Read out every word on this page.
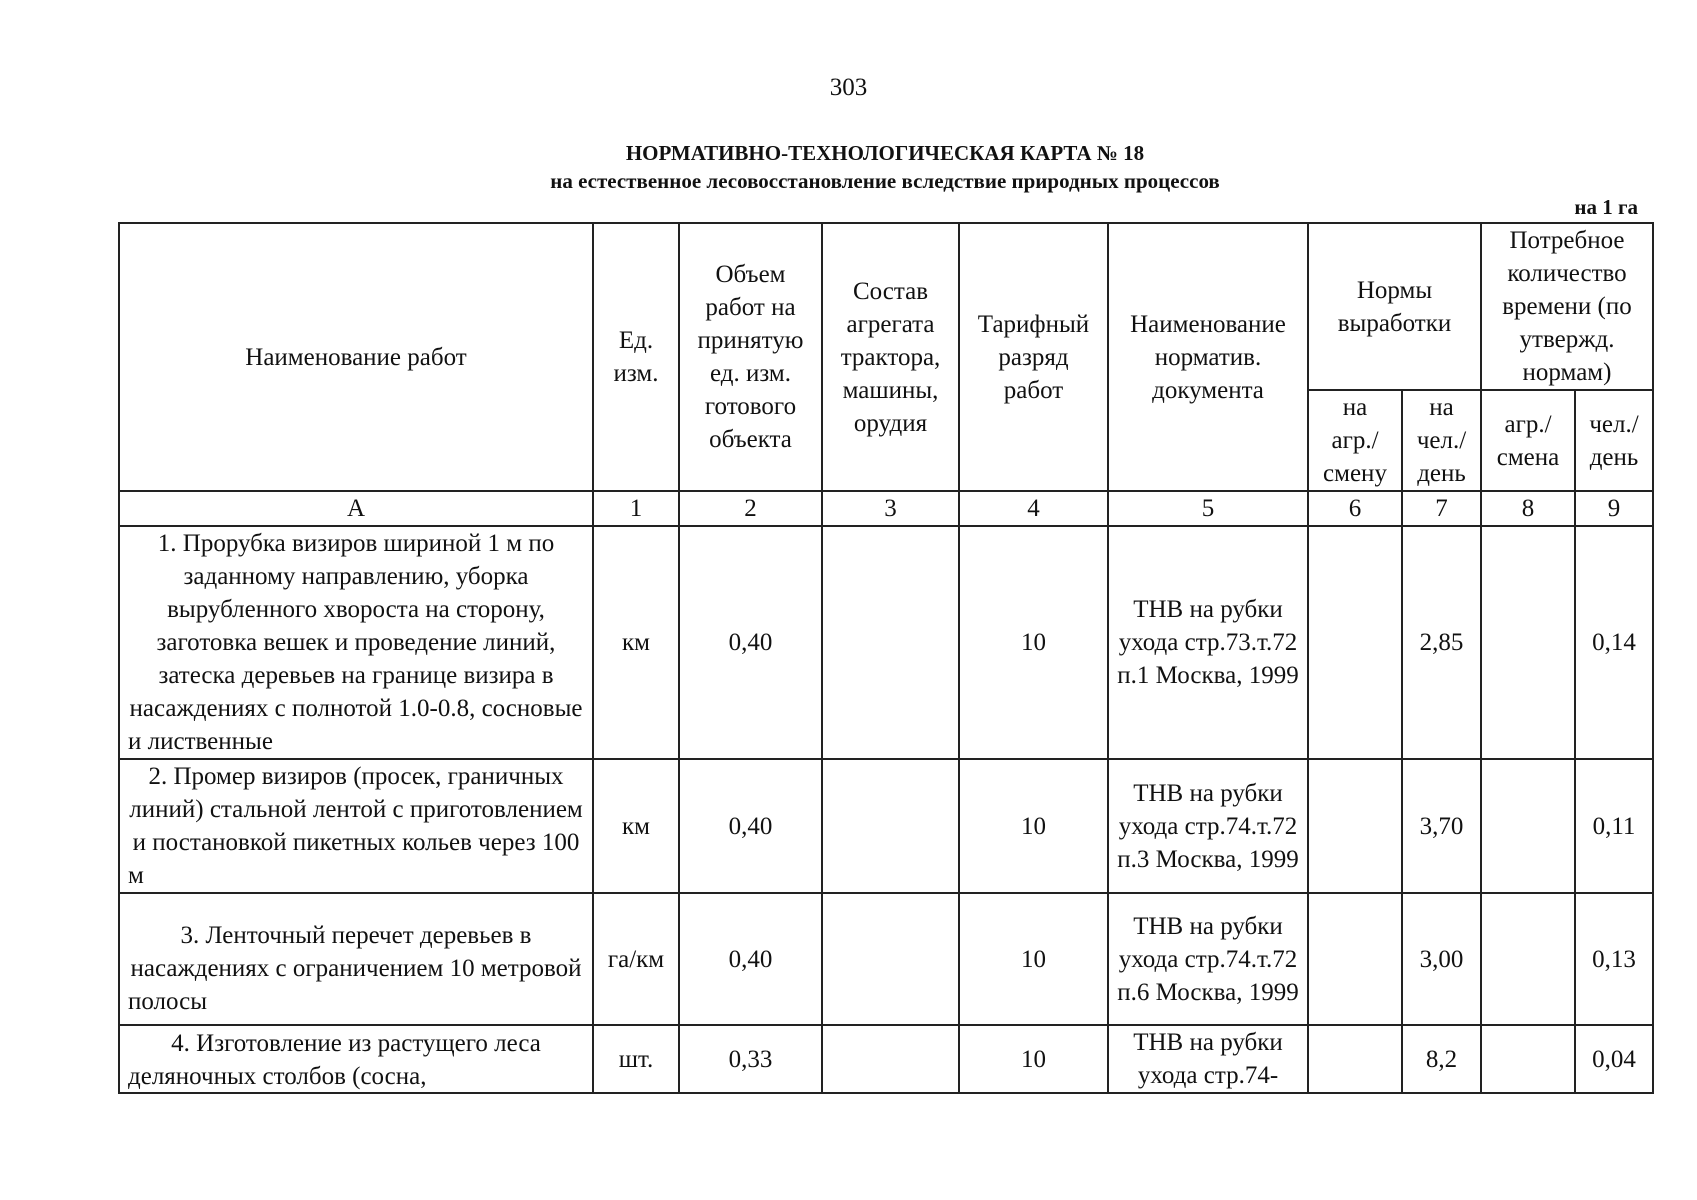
303
НОРМАТИВНО-ТЕХНОЛОГИЧЕСКАЯ КАРТА № 18
на естественное лесовосстановление вследствие природных процессов
на 1 га
Наименование работ	Ед. изм.	Объем работ на принятую ед. изм. готового объекта	Состав агрегата трактора, машины, орудия	Тарифный разряд работ	Наименование норматив. документа	Нормы выработки		Потребное количество времени (по утвержд. нормам)	
						на агр./ смену	на чел./ день	агр./ смена	чел./ день
А	1	2	3	4	5	6	7	8	9
1. Прорубка визиров шириной 1 м по заданному направлению, уборка вырубленного хвороста на сторону, заготовка вешек и проведение линий, затеска деревьев на границе визира в насаждениях с полнотой 1.0-0.8, сосновые и лиственные	км	0,40		10	ТНВ на рубки ухода стр.73.т.72 п.1 Москва, 1999		2,85		0,14
2. Промер визиров (просек, граничных линий) стальной лентой с приготовлением и постановкой пикетных кольев через 100 м	км	0,40		10	ТНВ на рубки ухода стр.74.т.72 п.3 Москва, 1999		3,70		0,11
3. Ленточный перечет деревьев в насаждениях с ограничением 10 метровой полосы	га/км	0,40		10	ТНВ на рубки ухода стр.74.т.72 п.6 Москва, 1999		3,00		0,13

4. Изготовление из растущего леса деляночных столбов (сосна,	шт.	0,33		10	ТНВ на рубки ухода стр.74-		8,2		0,04
